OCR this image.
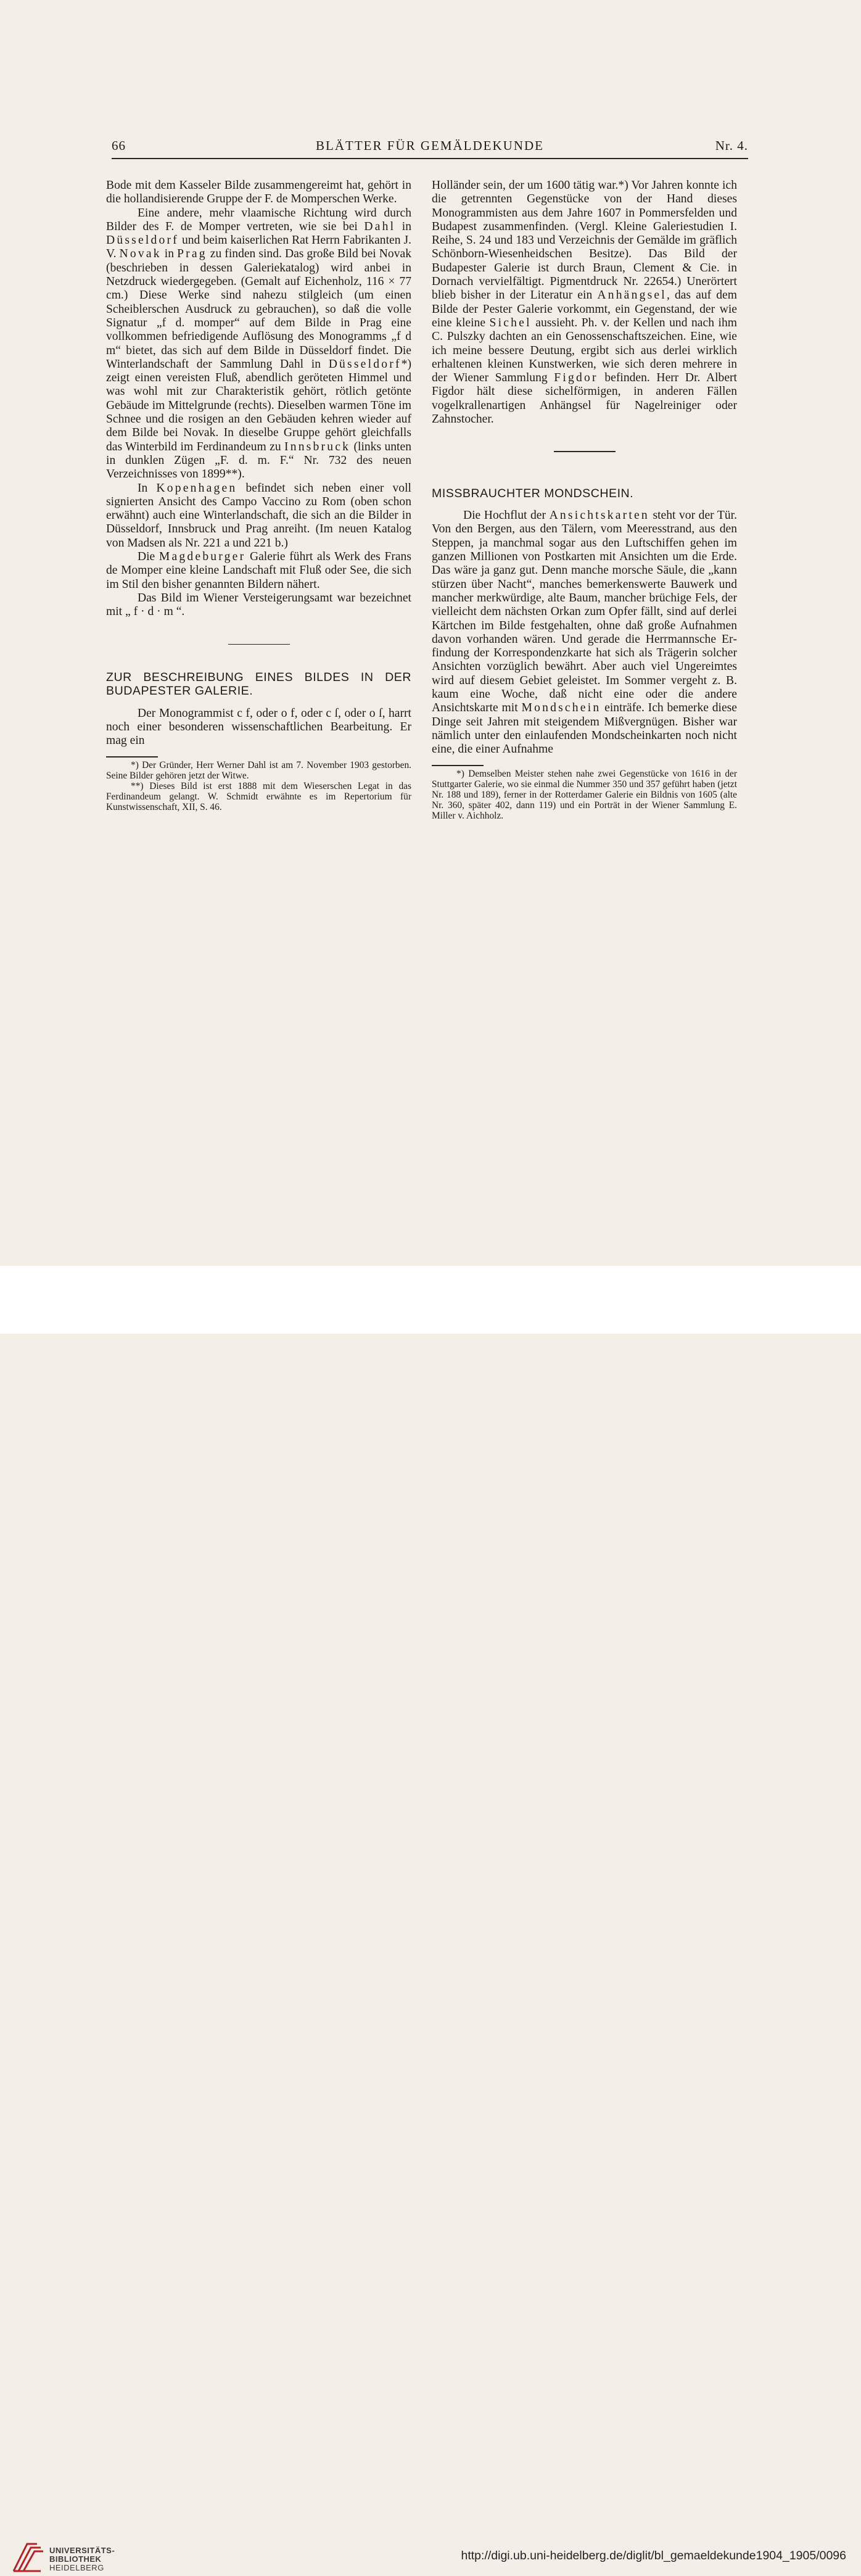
66	BLÄTTER FÜR GEMÄLDEKUNDE	Nr. 4.

Bode mit dem Kasseler Bilde zusammengereimt hat, gehört in die hollandisierende Gruppe der F. de Momperschen Werke.

Eine andere, mehr vlaamische Richtung wird durch Bilder des F. de Momper vertreten, wie sie bei Dahl in Düsseldorf und beim kaiserlichen Rat Herrn Fabrikanten J. V. Novak in Prag zu finden sind. Das große Bild bei Novak (beschrieben in dessen Galeriekatalog) wird anbei in Netzdruck wiedergegeben. (Gemalt auf Eichenholz, 116 × 77 cm.) Diese Werke sind nahezu stilgleich (um einen Scheiblerschen Ausdruck zu gebrauchen), so daß die volle Signatur „f d. momper“ auf dem Bilde in Prag eine vollkommen befriedigende Auflösung des Monogramms „f d m“ bietet, das sich auf dem Bilde in Düsseldorf findet. Die Winterlandschaft der Sammlung Dahl in Düsseldorf*) zeigt einen vereisten Fluß, abendlich geröteten Himmel und was wohl mit zur Charakteristik gehört, rötlich getönte Gebäude im Mittelgrunde (rechts). Dieselben warmen Töne im Schnee und die rosigen an den Gebäuden kehren wieder auf dem Bilde bei Novak. In dieselbe Gruppe gehört gleichfalls das Winterbild im Ferdinandeum zu Innsbruck (links unten in dunklen Zügen „F. d. m. F.“ Nr. 732 des neuen Verzeichnisses von 1899**).

In Kopenhagen befindet sich neben einer voll signierten Ansicht des Campo Vaccino zu Rom (oben schon erwähnt) auch eine Winterlandschaft, die sich an die Bilder in Düsseldorf, Innsbruck und Prag anreiht. (Im neuen Katalog von Madsen als Nr. 221 a und 221 b.)

Die Magdeburger Galerie führt als Werk des Frans de Momper eine kleine Landschaft mit Fluß oder See, die sich im Stil den bisher genannten Bildern nähert.

Das Bild im Wiener Versteigerungsamt war bezeichnet mit „ f · d · m “.

ZUR BESCHREIBUNG EINES BILDES IN DER BUDAPESTER GALERIE.

Der Monogrammist c f, oder o f, oder c ſ, oder o ſ, harrt noch einer besonderen wissenschaftlichen Bearbeitung. Er mag ein

*) Der Gründer, Herr Werner Dahl ist am 7. November 1903 gestorben. Seine Bilder gehören jetzt der Witwe.

**) Dieses Bild ist erst 1888 mit dem Wieserschen Legat in das Ferdinandeum gelangt. W. Schmidt erwähnte es im Repertorium für Kunstwissenschaft, XII, S. 46.

Holländer sein, der um 1600 tätig war.*) Vor Jahren konnte ich die getrennten Gegenstücke von der Hand dieses Monogrammisten aus dem Jahre 1607 in Pommersfelden und Budapest zusammenfinden. (Vergl. Kleine Galeriestudien I. Reihe, S. 24 und 183 und Verzeichnis der Gemälde im gräflich Schönborn-Wiesenheidschen Besitze). Das Bild der Budapester Galerie ist durch Braun, Clement & Cie. in Dornach vervielfältigt. Pigmentdruck Nr. 22654.) Unerörtert blieb bisher in der Literatur ein Anhängsel, das auf dem Bilde der Pester Galerie vorkommt, ein Gegenstand, der wie eine kleine Sichel aussieht. Ph. v. der Kellen und nach ihm C. Pulszky dachten an ein Genossenschaftszeichen. Eine, wie ich meine bessere Deutung, ergibt sich aus derlei wirklich erhaltenen kleinen Kunstwerken, wie sich deren mehrere in der Wiener Sammlung Figdor befinden. Herr Dr. Albert Figdor hält diese sichelförmigen, in anderen Fällen vogelkrallenartigen Anhängsel für Nagelreiniger oder Zahnstocher.

MISSBRAUCHTER MONDSCHEIN.

Die Hochflut der Ansichtskarten steht vor der Tür. Von den Bergen, aus den Tälern, vom Meeresstrand, aus den Steppen, ja manchmal sogar aus den Luftschiffen gehen im ganzen Millionen von Postkarten mit Ansichten um die Erde. Das wäre ja ganz gut. Denn manche morsche Säule, die „kann stürzen über Nacht“, manches bemerkenswerte Bauwerk und mancher merkwürdige, alte Baum, mancher brüchige Fels, der vielleicht dem nächsten Orkan zum Opfer fällt, sind auf derlei Kärtchen im Bilde festgehalten, ohne daß große Aufnahmen davon vorhanden wären. Und gerade die Herrmannsche Erfindung der Korrespondenzkarte hat sich als Trägerin solcher Ansichten vorzüglich bewährt. Aber auch viel Ungereimtes wird auf diesem Gebiet geleistet. Im Sommer vergeht z. B. kaum eine Woche, daß nicht eine oder die andere Ansichtskarte mit Mondschein einträfe. Ich bemerke diese Dinge seit Jahren mit steigendem Mißvergnügen. Bisher war nämlich unter den einlaufenden Mondscheinkarten noch nicht eine, die einer Aufnahme

*) Demselben Meister stehen nahe zwei Gegenstücke von 1616 in der Stuttgarter Galerie, wo sie einmal die Nummer 350 und 357 geführt haben (jetzt Nr. 188 und 189), ferner in der Rotterdamer Galerie ein Bildnis von 1605 (alte Nr. 360, später 402, dann 119) und ein Porträt in der Wiener Sammlung E. Miller v. Aichholz.

UNIVERSITÄTS-
BIBLIOTHEK
HEIDELBERG
http://digi.ub.uni-heidelberg.de/diglit/bl_gemaeldekunde1904_1905/0096
